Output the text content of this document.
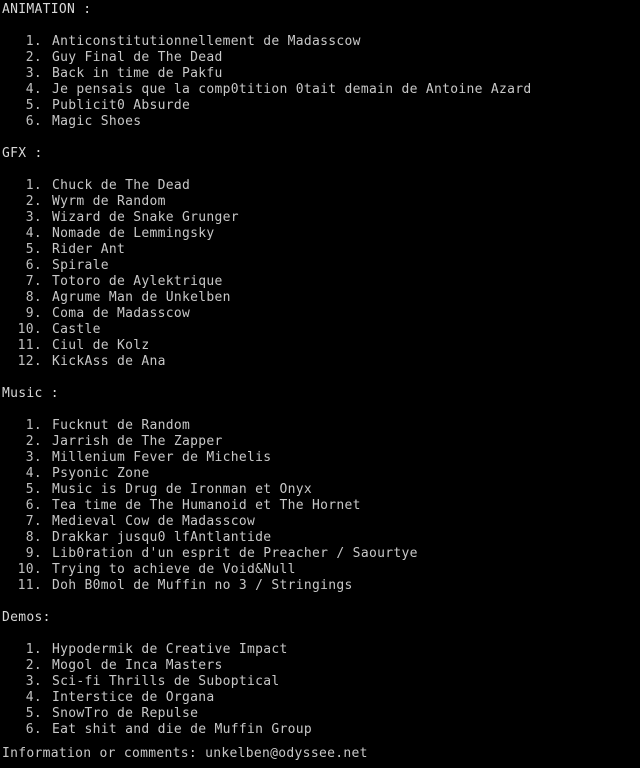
ANIMATION :
1. Anticonstitutionnellement de Madasscow
2. Guy Final de The Dead
3. Back in time de Pakfu
4. Je pensais que la comp0tition 0tait demain de Antoine Azard
5. Publicit0 Absurde
6. Magic Shoes
GFX :
1. Chuck de The Dead
2. Wyrm de Random
3. Wizard de Snake Grunger
4. Nomade de Lemmingsky
5. Rider Ant
6. Spirale
7. Totoro de Aylektrique
8. Agrume Man de Unkelben
9. Coma de Madasscow
10. Castle
11. Ciul de Kolz
12. KickAss de Ana
Music :
1. Fucknut de Random
2. Jarrish de The Zapper
3. Millenium Fever de Michelis
4. Psyonic Zone
5. Music is Drug de Ironman et Onyx
6. Tea time de The Humanoid et The Hornet
7. Medieval Cow de Madasscow
8. Drakkar jusqu0 lfAntlantide
9. Lib0ration d'un esprit de Preacher / Saourtye
10. Trying to achieve de Void&Null
11. Doh B0mol de Muffin no 3 / Stringings
Demos:
1. Hypodermik de Creative Impact
2. Mogol de Inca Masters
3. Sci-fi Thrills de Suboptical
4. Interstice de Organa
5. SnowTro de Repulse
6. Eat shit and die de Muffin Group
Information or comments: unkelben@odyssee.net
